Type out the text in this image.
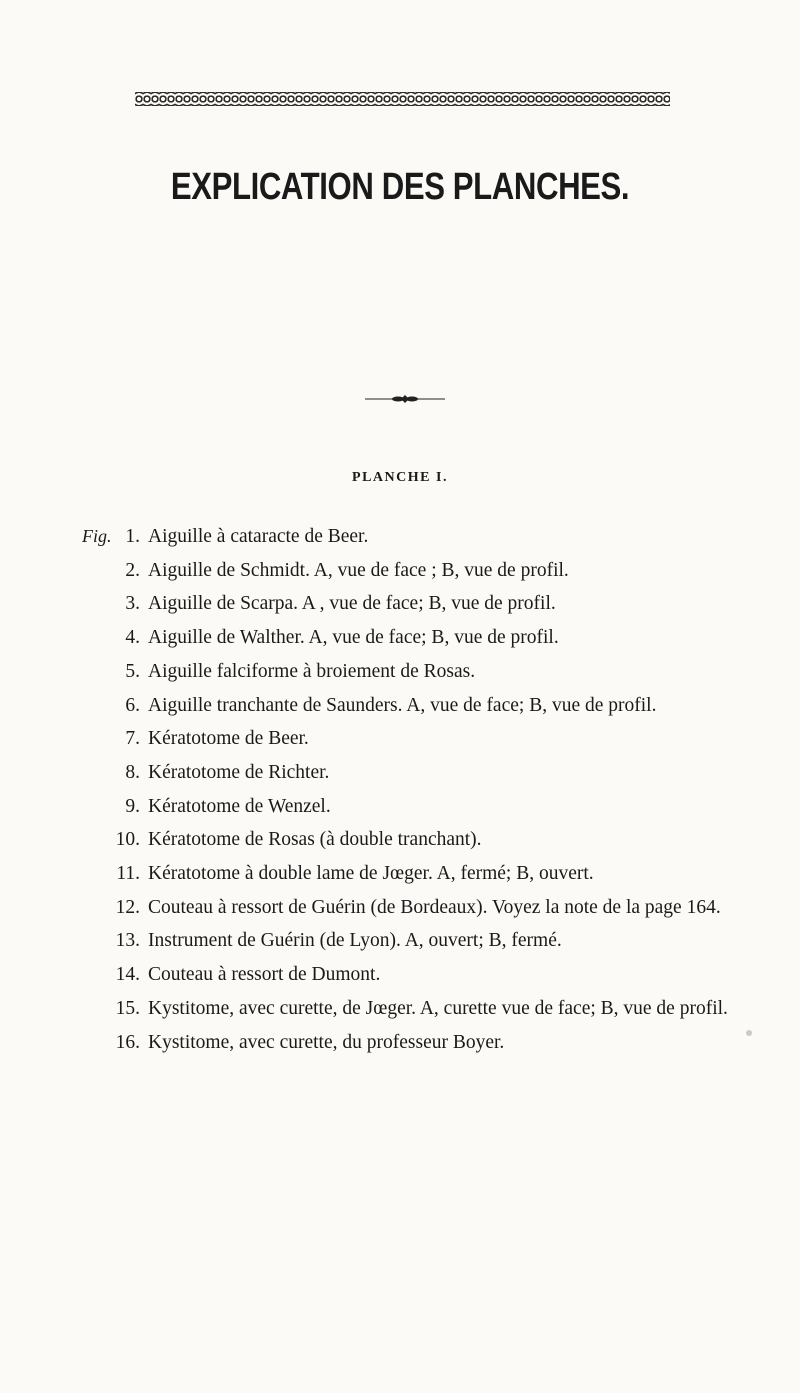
EXPLICATION DES PLANCHES.
PLANCHE I.
Fig. 1. Aiguille à cataracte de Beer.
2. Aiguille de Schmidt. A, vue de face ; B, vue de profil.
3. Aiguille de Scarpa. A , vue de face; B, vue de profil.
4. Aiguille de Walther. A, vue de face; B, vue de profil.
5. Aiguille falciforme à broiement de Rosas.
6. Aiguille tranchante de Saunders. A, vue de face; B, vue de profil.
7. Kératotome de Beer.
8. Kératotome de Richter.
9. Kératotome de Wenzel.
10. Kératotome de Rosas (à double tranchant).
11. Kératotome à double lame de Jœger. A, fermé; B, ouvert.
12. Couteau à ressort de Guérin (de Bordeaux). Voyez la note de la page 164.
13. Instrument de Guérin (de Lyon). A, ouvert; B, fermé.
14. Couteau à ressort de Dumont.
15. Kystitome, avec curette, de Jœger. A, curette vue de face; B, vue de profil.
16. Kystitome, avec curette, du professeur Boyer.
